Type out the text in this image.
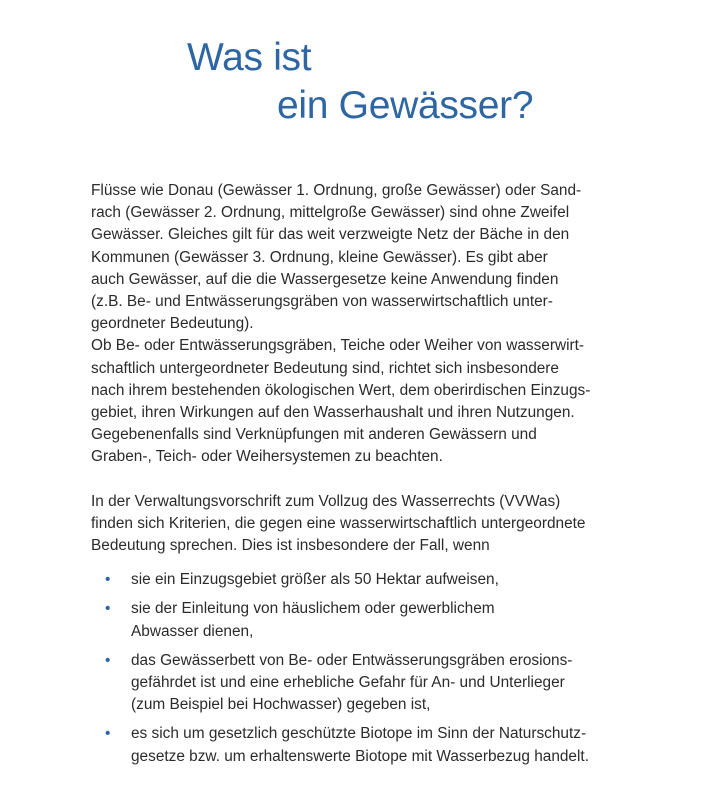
Was ist
ein Gewässer?
Flüsse wie Donau (Gewässer 1. Ordnung, große Gewässer) oder Sand-
rach (Gewässer 2. Ordnung, mittelgroße Gewässer) sind ohne Zweifel
Gewässer. Gleiches gilt für das weit verzweigte Netz der Bäche in den
Kommunen (Gewässer 3. Ordnung, kleine Gewässer). Es gibt aber
auch Gewässer, auf die die Wassergesetze keine Anwendung finden
(z.B. Be- und Entwässerungsgräben von wasserwirtschaftlich unter-
geordneter Bedeutung).
Ob Be- oder Entwässerungsgräben, Teiche oder Weiher von wasserwirt-
schaftlich untergeordneter Bedeutung sind, richtet sich insbesondere
nach ihrem bestehenden ökologischen Wert, dem oberirdischen Einzugs-
gebiet, ihren Wirkungen auf den Wasserhaushalt und ihren Nutzungen.
Gegebenenfalls sind Verknüpfungen mit anderen Gewässern und
Graben-, Teich- oder Weihersystemen zu beachten.
In der Verwaltungsvorschrift zum Vollzug des Wasserrechts (VVWas)
finden sich Kriterien, die gegen eine wasserwirtschaftlich untergeordnete
Bedeutung sprechen. Dies ist insbesondere der Fall, wenn
• sie ein Einzugsgebiet größer als 50 Hektar aufweisen,
• sie der Einleitung von häuslichem oder gewerblichem
Abwasser dienen,
• das Gewässerbett von Be- oder Entwässerungsgräben erosions-
gefährdet ist und eine erhebliche Gefahr für An- und Unterlieger
(zum Beispiel bei Hochwasser) gegeben ist,
• es sich um gesetzlich geschützte Biotope im Sinn der Naturschutz-
gesetze bzw. um erhaltenswerte Biotope mit Wasserbezug handelt.
